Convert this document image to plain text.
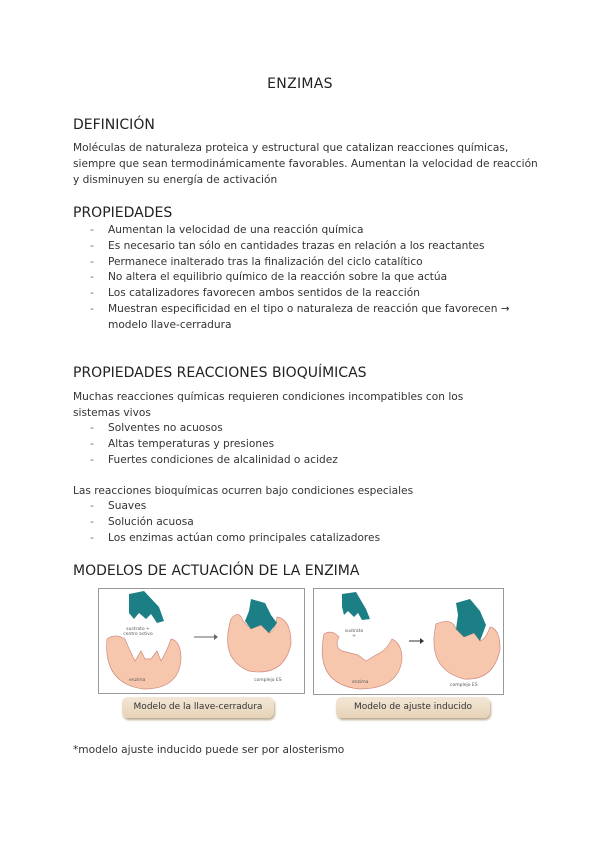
ENZIMAS
DEFINICIÓN
Moléculas de naturaleza proteica y estructural que catalizan reacciones químicas, siempre que sean termodinámicamente favorables. Aumentan la velocidad de reacción y disminuyen su energía de activación
PROPIEDADES
- Aumentan la velocidad de una reacción química
- Es necesario tan sólo en cantidades trazas en relación a los reactantes
- Permanece inalterado tras la finalización del ciclo catalítico
- No altera el equilibrio químico de la reacción sobre la que actúa
- Los catalizadores favorecen ambos sentidos de la reacción
- Muestran especificidad en el tipo o naturaleza de reacción que favorecen → modelo llave-cerradura
PROPIEDADES REACCIONES BIOQUÍMICAS
Muchas reacciones químicas requieren condiciones incompatibles con los sistemas vivos
- Solventes no acuosos
- Altas temperaturas y presiones
- Fuertes condiciones de alcalinidad o acidez
Las reacciones bioquímicas ocurren bajo condiciones especiales
- Suaves
- Solución acuosa
- Los enzimas actúan como principales catalizadores
MODELOS DE ACTUACIÓN DE LA ENZIMA
sustrato + centro activo
enzima	complejo ES
sustrato +
enzima
complejo ES
Modelo de la llave-cerradura	Modelo de ajuste inducido
*modelo ajuste inducido puede ser por alosterismo
